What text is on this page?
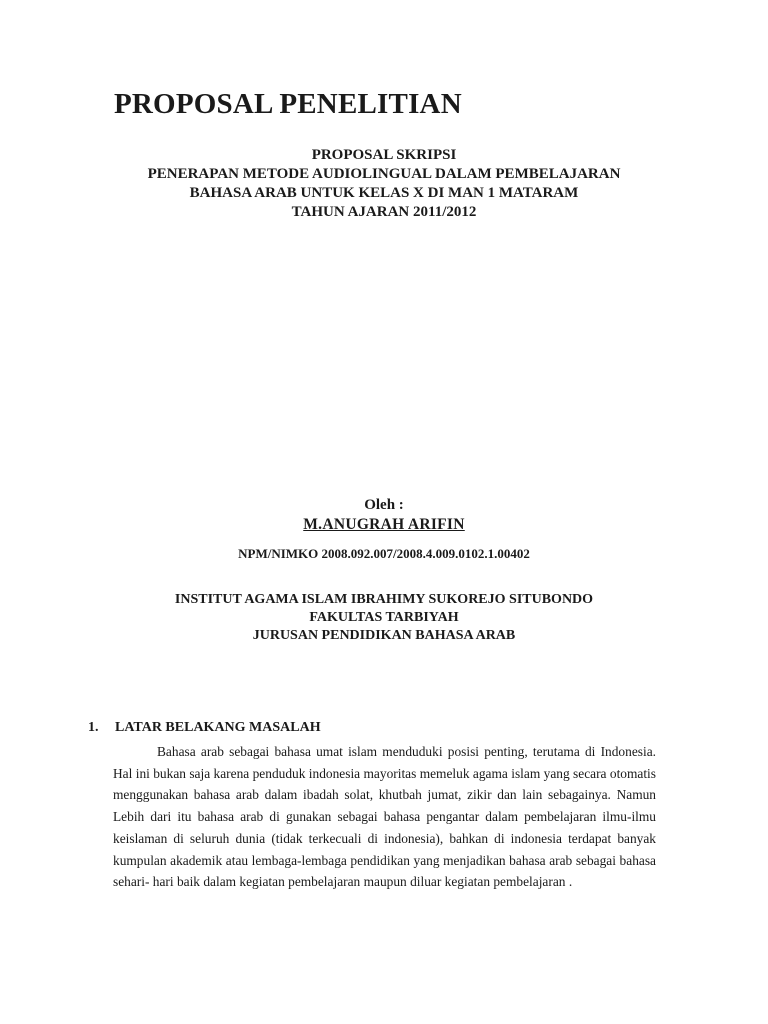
PROPOSAL PENELITIAN
PROPOSAL SKRIPSI
PENERAPAN METODE AUDIOLINGUAL DALAM PEMBELAJARAN
BAHASA ARAB UNTUK KELAS X DI MAN 1 MATARAM
TAHUN AJARAN 2011/2012
Oleh :
M.ANUGRAH ARIFIN
NPM/NIMKO 2008.092.007/2008.4.009.0102.1.00402
INSTITUT AGAMA ISLAM IBRAHIMY SUKOREJO SITUBONDO
FAKULTAS TARBIYAH
JURUSAN PENDIDIKAN BAHASA ARAB
1. LATAR BELAKANG MASALAH

Bahasa arab sebagai bahasa umat islam menduduki posisi penting, terutama di Indonesia. Hal ini bukan saja karena penduduk indonesia mayoritas memeluk agama islam yang secara otomatis menggunakan bahasa arab dalam ibadah solat, khutbah jumat, zikir dan lain sebagainya. Namun Lebih dari itu bahasa arab di gunakan sebagai bahasa pengantar dalam pembelajaran ilmu-ilmu keislaman di seluruh dunia (tidak terkecuali di indonesia), bahkan di indonesia terdapat banyak kumpulan akademik atau lembaga-lembaga pendidikan yang menjadikan bahasa arab sebagai bahasa sehari- hari baik dalam kegiatan pembelajaran maupun diluar kegiatan pembelajaran .
